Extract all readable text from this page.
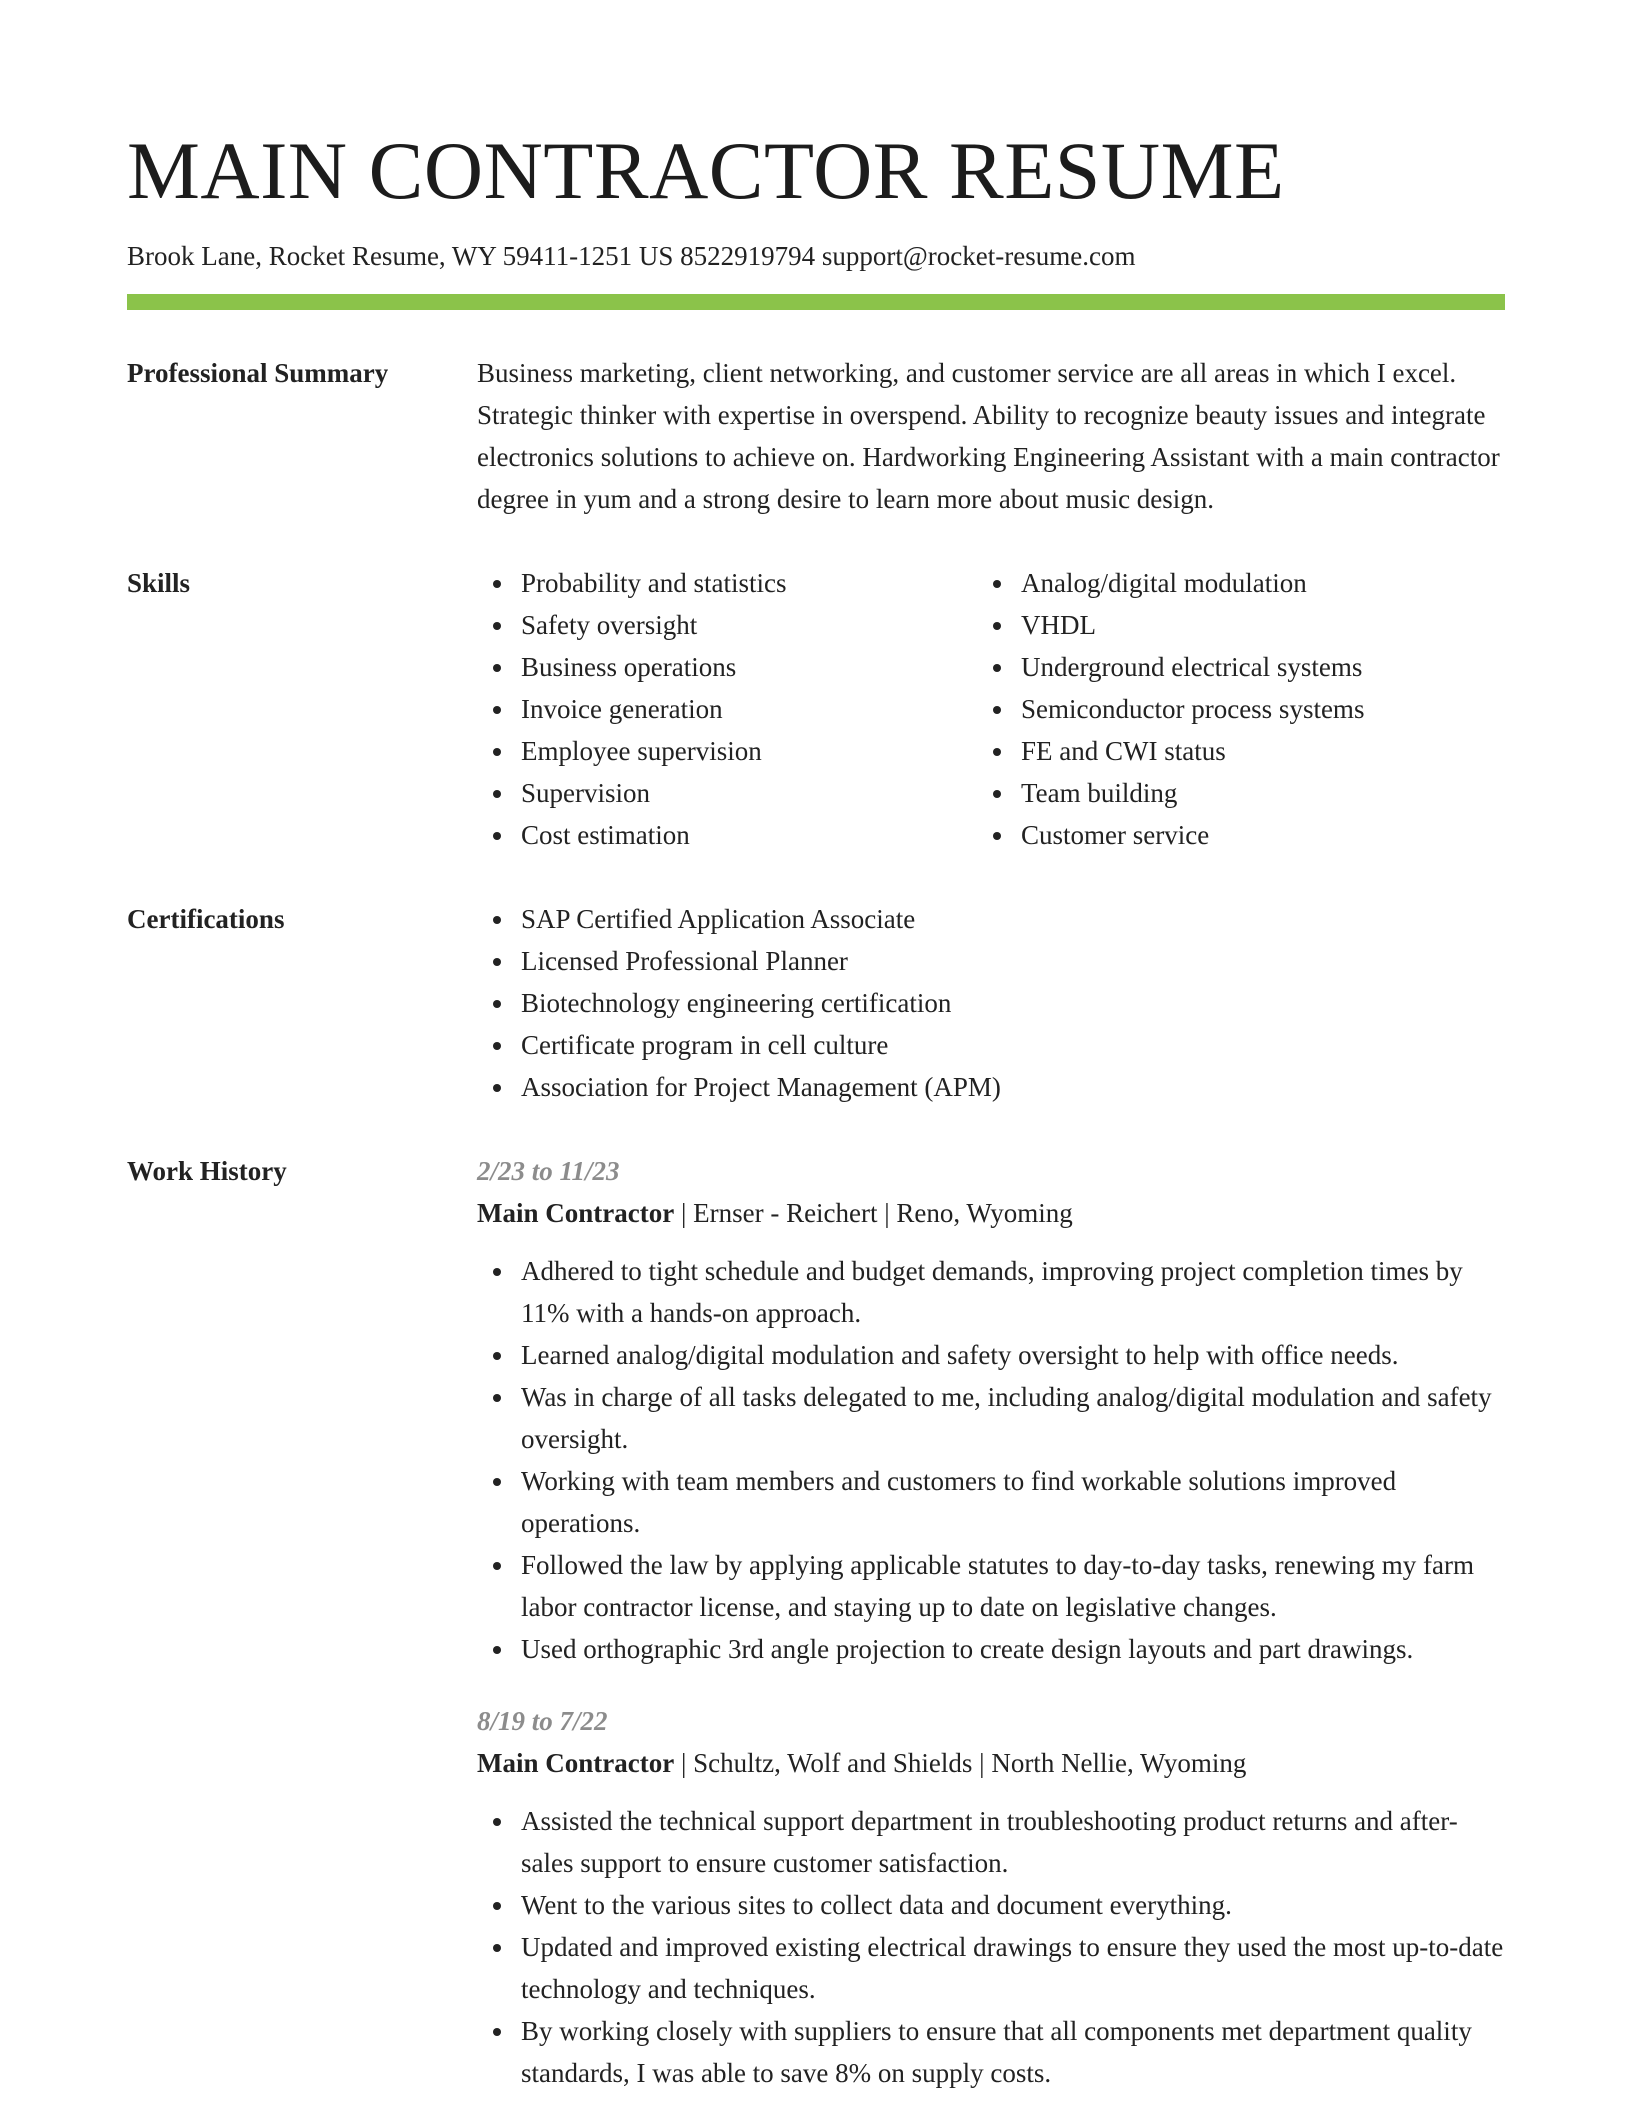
MAIN CONTRACTOR RESUME
Brook Lane, Rocket Resume, WY 59411-1251 US 8522919794 support@rocket-resume.com
Professional Summary	Business marketing, client networking, and customer service are all areas in which I excel. Strategic thinker with expertise in overspend. Ability to recognize beauty issues and integrate electronics solutions to achieve on. Hardworking Engineering Assistant with a main contractor degree in yum and a strong desire to learn more about music design.

Skills	Probability and statistics
Safety oversight
Business operations
Invoice generation
Employee supervision
Supervision
Cost estimation
Analog/digital modulation
VHDL
Underground electrical systems
Semiconductor process systems
FE and CWI status
Team building
Customer service
Certifications	SAP Certified Application Associate
Licensed Professional Planner
Biotechnology engineering certification
Certificate program in cell culture
Association for Project Management (APM)
Work History	2/23 to 11/23
Main Contractor | Ernser - Reichert | Reno, Wyoming
Adhered to tight schedule and budget demands, improving project completion times by 11% with a hands-on approach.
Learned analog/digital modulation and safety oversight to help with office needs.
Was in charge of all tasks delegated to me, including analog/digital modulation and safety oversight.
Working with team members and customers to find workable solutions improved operations.
Followed the law by applying applicable statutes to day-to-day tasks, renewing my farm labor contractor license, and staying up to date on legislative changes.
Used orthographic 3rd angle projection to create design layouts and part drawings.
8/19 to 7/22
Main Contractor | Schultz, Wolf and Shields | North Nellie, Wyoming
Assisted the technical support department in troubleshooting product returns and after-sales support to ensure customer satisfaction.
Went to the various sites to collect data and document everything.
Updated and improved existing electrical drawings to ensure they used the most up-to-date technology and techniques.
By working closely with suppliers to ensure that all components met department quality standards, I was able to save 8% on supply costs.
